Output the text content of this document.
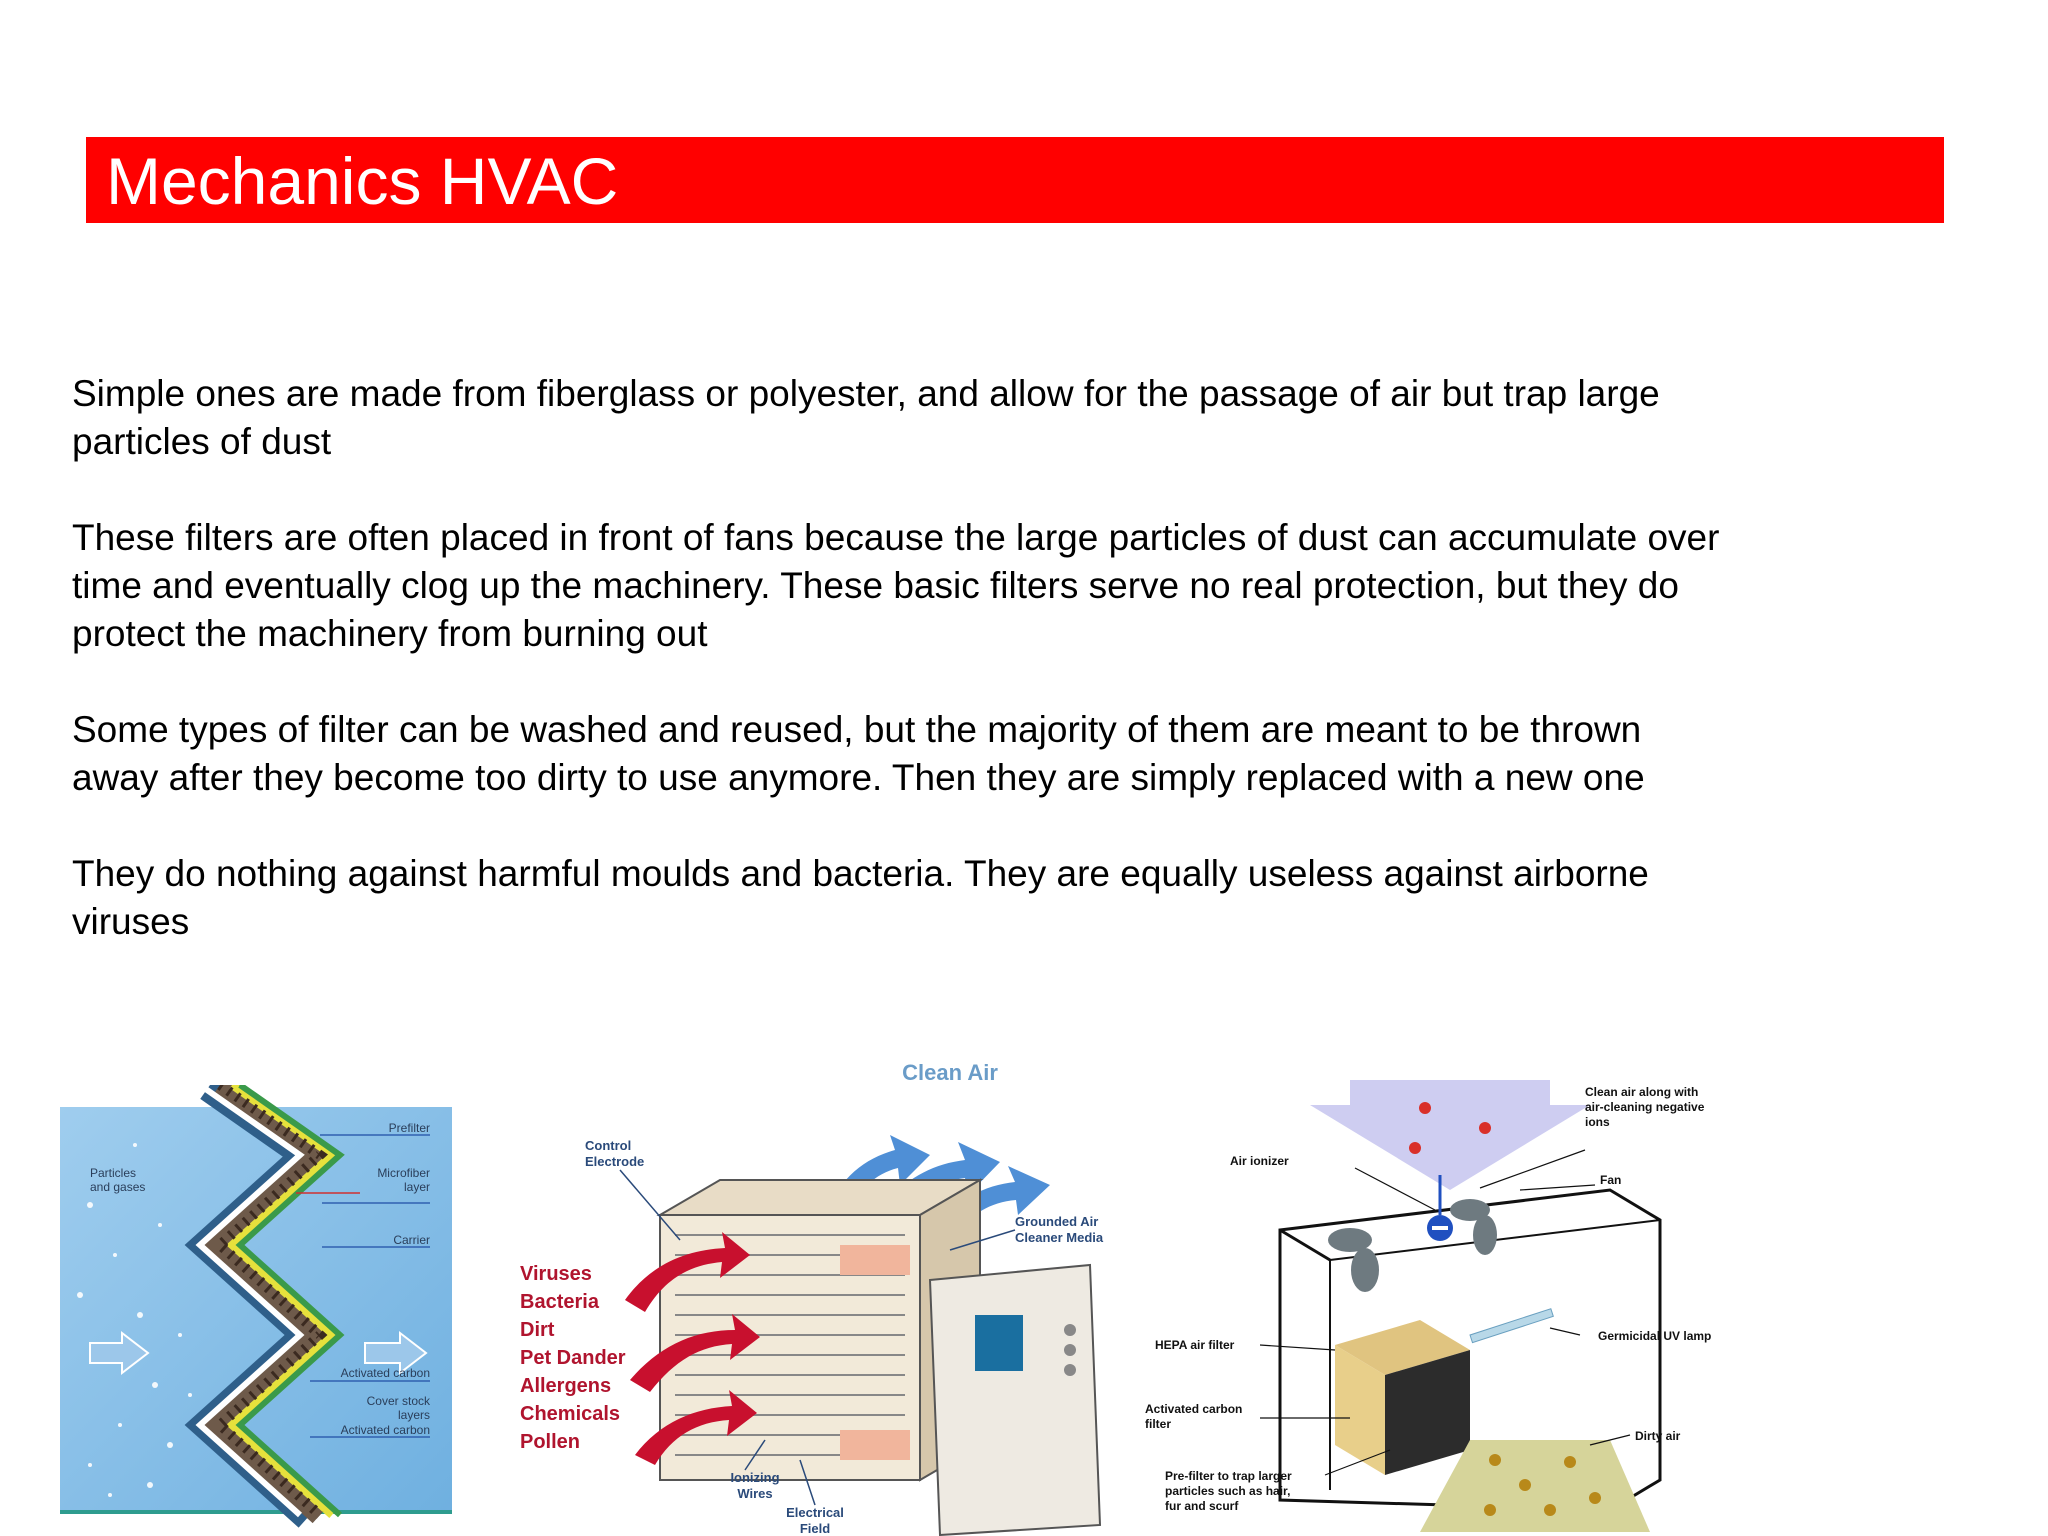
Mechanics HVAC

Simple ones are made from fiberglass or polyester, and allow for the passage of air but trap large particles of dust

These filters are often placed in front of fans because the large particles of dust can accumulate over time and eventually clog up the machinery. These basic filters serve no real protection, but they do protect the machinery from burning out

Some types of filter can be washed and reused, but the majority of them are meant to be thrown away after they become too dirty to use anymore. Then they are simply replaced with a new one

They do nothing against harmful moulds and bacteria. They are equally useless against airborne viruses

Prefilter
Particles
and gases
Microfiber
layer
Carrier
Activated carbon
Cover stock
layers
Activated carbon
Clean Air
Viruses
Bacteria
Dirt
Pet Dander
Allergens
Chemicals
Pollen
Control
Electrode
Grounded Air
Cleaner Media
Ionizing
Wires
Electrical
Field
Clean air along with
air-cleaning negative
ions
Air ionizer
Fan
HEPA air filter
Germicidal UV lamp
Activated carbon
filter
Dirty air
Pre-filter to trap larger
particles such as hair,
fur and scurf
